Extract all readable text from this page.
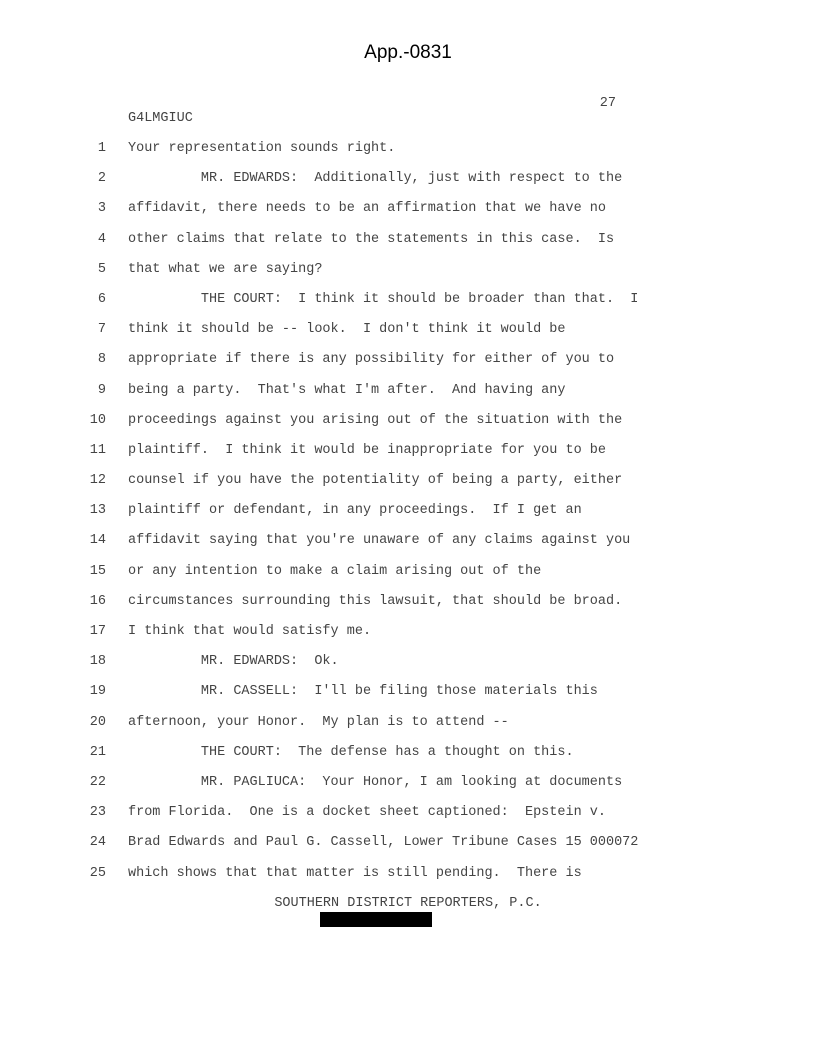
App.-0831
27
G4LMGIUC
1 Your representation sounds right.
2 MR. EDWARDS:  Additionally, just with respect to the
3 affidavit, there needs to be an affirmation that we have no
4 other claims that relate to the statements in this case.  Is
5 that what we are saying?
6 THE COURT:  I think it should be broader than that.  I
7 think it should be -- look.  I don't think it would be
8 appropriate if there is any possibility for either of you to
9 being a party.  That's what I'm after.  And having any
10 proceedings against you arising out of the situation with the
11 plaintiff.  I think it would be inappropriate for you to be
12 counsel if you have the potentiality of being a party, either
13 plaintiff or defendant, in any proceedings.  If I get an
14 affidavit saying that you're unaware of any claims against you
15 or any intention to make a claim arising out of the
16 circumstances surrounding this lawsuit, that should be broad.
17 I think that would satisfy me.
18 MR. EDWARDS:  Ok.
19 MR. CASSELL:  I'll be filing those materials this
20 afternoon, your Honor.  My plan is to attend --
21 THE COURT:  The defense has a thought on this.
22 MR. PAGLIUCA:  Your Honor, I am looking at documents
23 from Florida.  One is a docket sheet captioned:  Epstein v.
24 Brad Edwards and Paul G. Cassell, Lower Tribune Cases 15 000072
25 which shows that that matter is still pending.  There is
SOUTHERN DISTRICT REPORTERS, P.C.
